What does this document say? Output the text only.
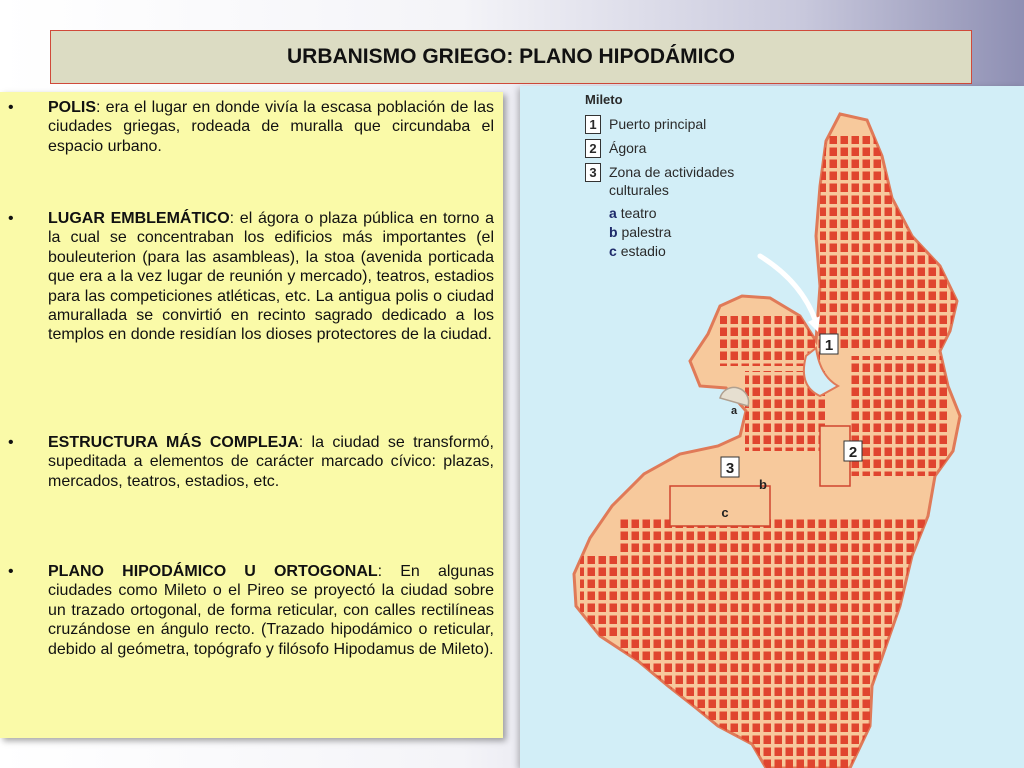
URBANISMO GRIEGO: PLANO HIPODÁMICO
• POLIS: era el lugar en donde vivía la escasa población de las ciudades griegas, rodeada de muralla que circundaba el espacio urbano.

• LUGAR EMBLEMÁTICO: el ágora o plaza pública en torno a la cual se concentraban los edificios más importantes (el bouleuterion (para las asambleas), la stoa (avenida porticada que era a la vez lugar de reunión y mercado), teatros, estadios para las competiciones atléticas, etc. La antigua polis o ciudad amurallada se convirtió en recinto sagrado dedicado a los templos en donde residían los dioses protectores de la ciudad.

• ESTRUCTURA MÁS COMPLEJA: la ciudad se transformó, supeditada a elementos de carácter marcado cívico: plazas, mercados, teatros, estadios, etc.

• PLANO HIPODÁMICO U ORTOGONAL: En algunas ciudades como Mileto o el Pireo se proyectó la ciudad sobre un trazado ortogonal, de forma reticular, con calles rectilíneas cruzándose en ángulo recto. (Trazado hipodámico o reticular, debido al geómetra, topógrafo y filósofo Hipodamus de Mileto).

1
2
3
a
b
c
Mileto
1 Puerto principal
2 Ágora
3 Zona de actividades culturales
a teatro
b palestra
c estadio
